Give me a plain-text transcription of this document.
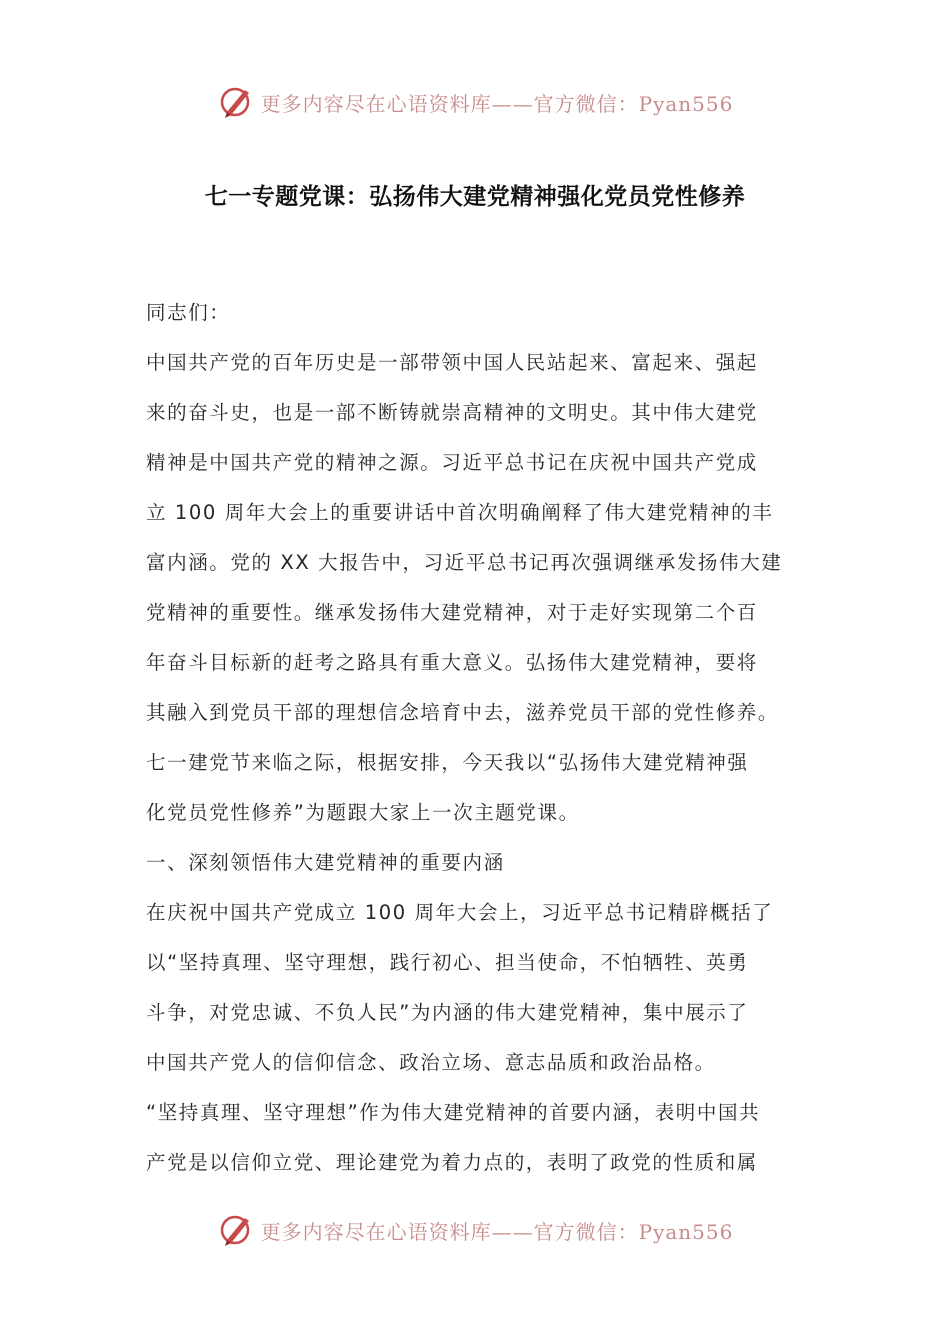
更多内容尽在心语资料库——官方微信：Pyan556
七一专题党课：弘扬伟大建党精神强化党员党性修养

同志们：

中国共产党的百年历史是一部带领中国人民站起来、富起来、强起

来的奋斗史，也是一部不断铸就崇高精神的文明史。其中伟大建党

精神是中国共产党的精神之源。习近平总书记在庆祝中国共产党成

立 100 周年大会上的重要讲话中首次明确阐释了伟大建党精神的丰

富内涵。党的 XX 大报告中，习近平总书记再次强调继承发扬伟大建

党精神的重要性。继承发扬伟大建党精神，对于走好实现第二个百

年奋斗目标新的赶考之路具有重大意义。弘扬伟大建党精神，要将

其融入到党员干部的理想信念培育中去，滋养党员干部的党性修养。

七一建党节来临之际，根据安排，今天我以“弘扬伟大建党精神强

化党员党性修养”为题跟大家上一次主题党课。

一、深刻领悟伟大建党精神的重要内涵

在庆祝中国共产党成立 100 周年大会上，习近平总书记精辟概括了

以“坚持真理、坚守理想，践行初心、担当使命，不怕牺牲、英勇

斗争，对党忠诚、不负人民”为内涵的伟大建党精神，集中展示了

中国共产党人的信仰信念、政治立场、意志品质和政治品格。

“坚持真理、坚守理想”作为伟大建党精神的首要内涵，表明中国共

产党是以信仰立党、理论建党为着力点的，表明了政党的性质和属

更多内容尽在心语资料库——官方微信：Pyan556
